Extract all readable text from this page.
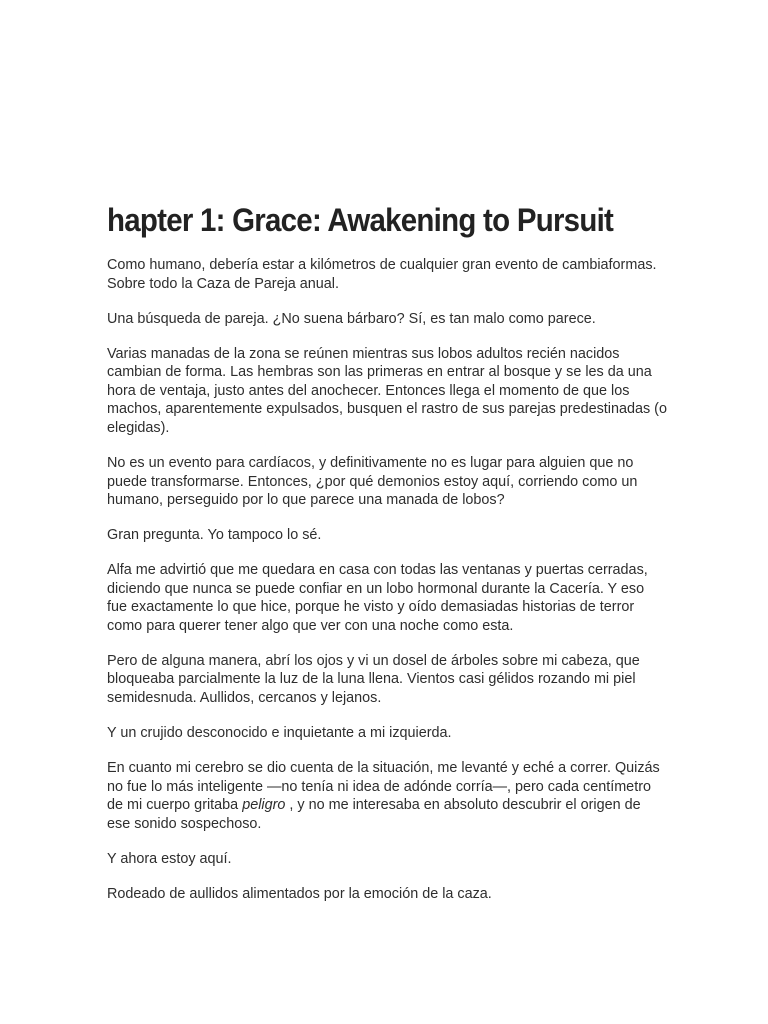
hapter 1: Grace: Awakening to Pursuit

Como humano, debería estar a kilómetros de cualquier gran evento de cambiaformas. Sobre todo la Caza de Pareja anual.

Una búsqueda de pareja. ¿No suena bárbaro? Sí, es tan malo como parece.

Varias manadas de la zona se reúnen mientras sus lobos adultos recién nacidos cambian de forma. Las hembras son las primeras en entrar al bosque y se les da una hora de ventaja, justo antes del anochecer. Entonces llega el momento de que los machos, aparentemente expulsados, busquen el rastro de sus parejas predestinadas (o elegidas).

No es un evento para cardíacos, y definitivamente no es lugar para alguien que no puede transformarse. Entonces, ¿por qué demonios estoy aquí, corriendo como un humano, perseguido por lo que parece una manada de lobos?

Gran pregunta. Yo tampoco lo sé.

Alfa me advirtió que me quedara en casa con todas las ventanas y puertas cerradas, diciendo que nunca se puede confiar en un lobo hormonal durante la Cacería. Y eso fue exactamente lo que hice, porque he visto y oído demasiadas historias de terror como para querer tener algo que ver con una noche como esta.

Pero de alguna manera, abrí los ojos y vi un dosel de árboles sobre mi cabeza, que bloqueaba parcialmente la luz de la luna llena. Vientos casi gélidos rozando mi piel semidesnuda. Aullidos, cercanos y lejanos.

Y un crujido desconocido e inquietante a mi izquierda.

En cuanto mi cerebro se dio cuenta de la situación, me levanté y eché a correr. Quizás no fue lo más inteligente —no tenía ni idea de adónde corría—, pero cada centímetro de mi cuerpo gritaba peligro , y no me interesaba en absoluto descubrir el origen de ese sonido sospechoso.

Y ahora estoy aquí.

Rodeado de aullidos alimentados por la emoción de la caza.
